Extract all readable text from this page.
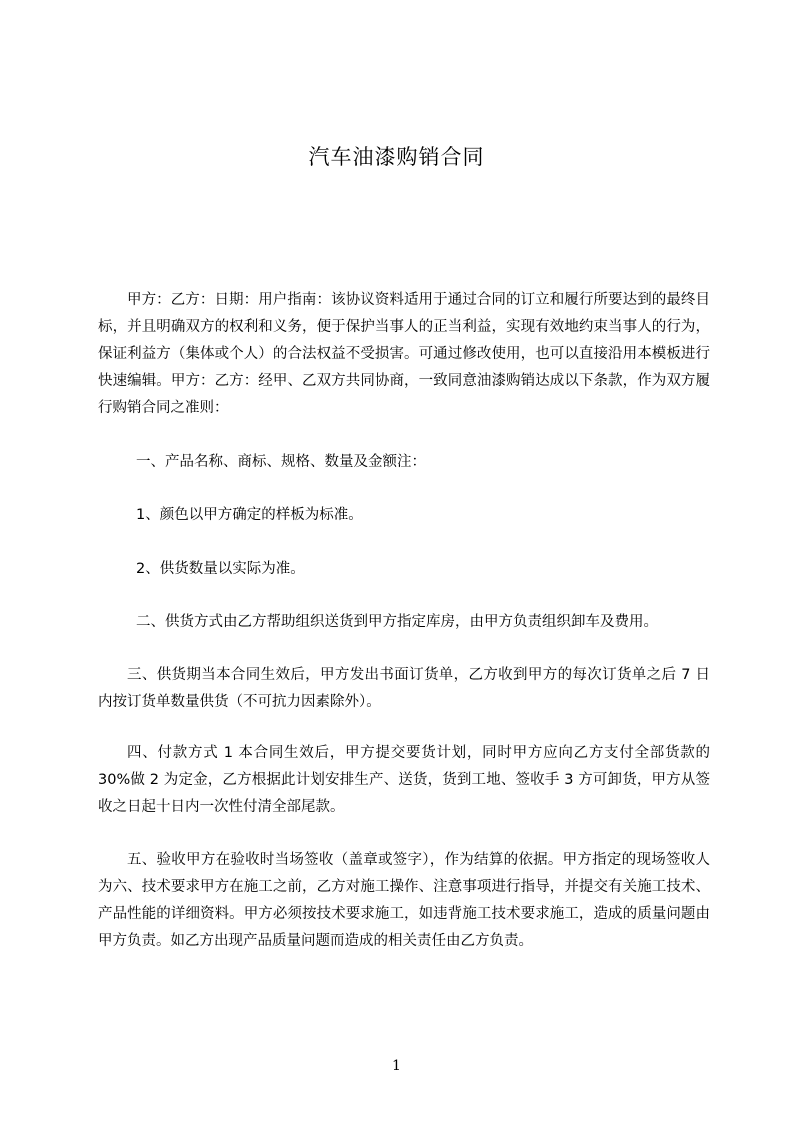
汽车油漆购销合同

甲方：乙方：日期：用户指南：该协议资料适用于通过合同的订立和履行所要达到的最终目标，并且明确双方的权利和义务，便于保护当事人的正当利益，实现有效地约束当事人的行为，保证利益方（集体或个人）的合法权益不受损害。可通过修改使用，也可以直接沿用本模板进行快速编辑。甲方：乙方：经甲、乙双方共同协商，一致同意油漆购销达成以下条款，作为双方履行购销合同之准则：

一、产品名称、商标、规格、数量及金额注：
1、颜色以甲方确定的样板为标准。
2、供货数量以实际为准。
二、供货方式由乙方帮助组织送货到甲方指定库房，由甲方负责组织卸车及费用。

三、供货期当本合同生效后，甲方发出书面订货单，乙方收到甲方的每次订货单之后 7 日内按订货单数量供货（不可抗力因素除外）。

四、付款方式 1 本合同生效后，甲方提交要货计划，同时甲方应向乙方支付全部货款的 30%做 2 为定金，乙方根据此计划安排生产、送货，货到工地、签收手 3 方可卸货，甲方从签收之日起十日内一次性付清全部尾款。

五、验收甲方在验收时当场签收（盖章或签字），作为结算的依据。甲方指定的现场签收人为六、技术要求甲方在施工之前，乙方对施工操作、注意事项进行指导，并提交有关施工技术、产品性能的详细资料。甲方必须按技术要求施工，如违背施工技术要求施工，造成的质量问题由甲方负责。如乙方出现产品质量问题而造成的相关责任由乙方负责。

1
